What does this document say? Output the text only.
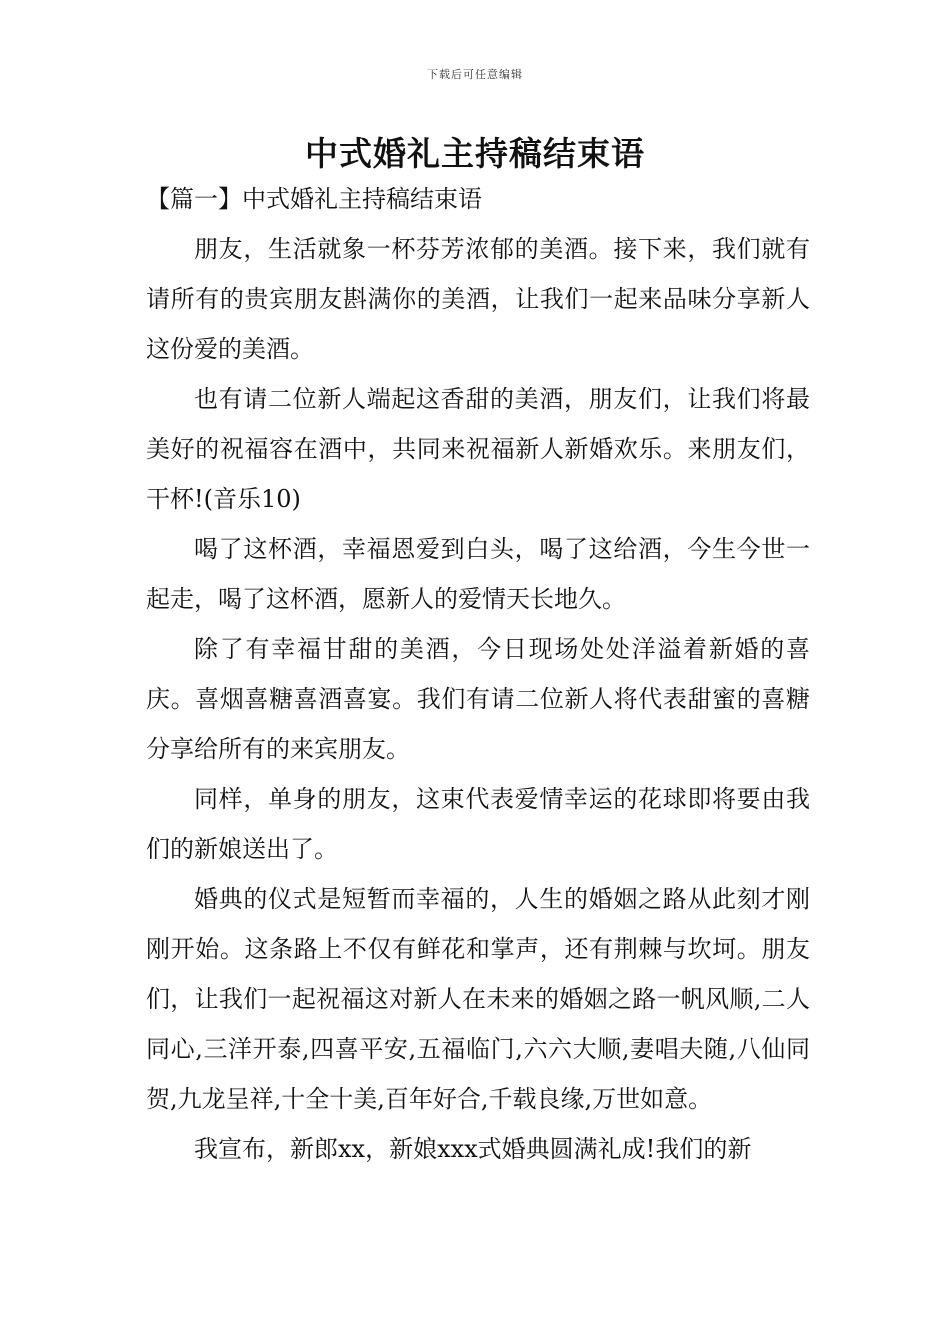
下载后可任意编辑
中式婚礼主持稿结束语
【篇一】中式婚礼主持稿结束语

朋友，生活就象一杯芬芳浓郁的美酒。接下来，我们就有请所有的贵宾朋友斟满你的美酒，让我们一起来品味分享新人这份爱的美酒。

也有请二位新人端起这香甜的美酒，朋友们，让我们将最美好的祝福容在酒中，共同来祝福新人新婚欢乐。来朋友们，干杯!(音乐10)

喝了这杯酒，幸福恩爱到白头，喝了这给酒，今生今世一起走，喝了这杯酒，愿新人的爱情天长地久。

除了有幸福甘甜的美酒，今日现场处处洋溢着新婚的喜庆。喜烟喜糖喜酒喜宴。我们有请二位新人将代表甜蜜的喜糖分享给所有的来宾朋友。

同样，单身的朋友，这束代表爱情幸运的花球即将要由我们的新娘送出了。

婚典的仪式是短暂而幸福的，人生的婚姻之路从此刻才刚刚开始。这条路上不仅有鲜花和掌声，还有荆棘与坎坷。朋友们，让我们一起祝福这对新人在未来的婚姻之路一帆风顺,二人同心,三洋开泰,四喜平安,五福临门,六六大顺,妻唱夫随,八仙同贺,九龙呈祥,十全十美,百年好合,千载良缘,万世如意。

我宣布，新郎xx，新娘xxx式婚典圆满礼成!我们的新
